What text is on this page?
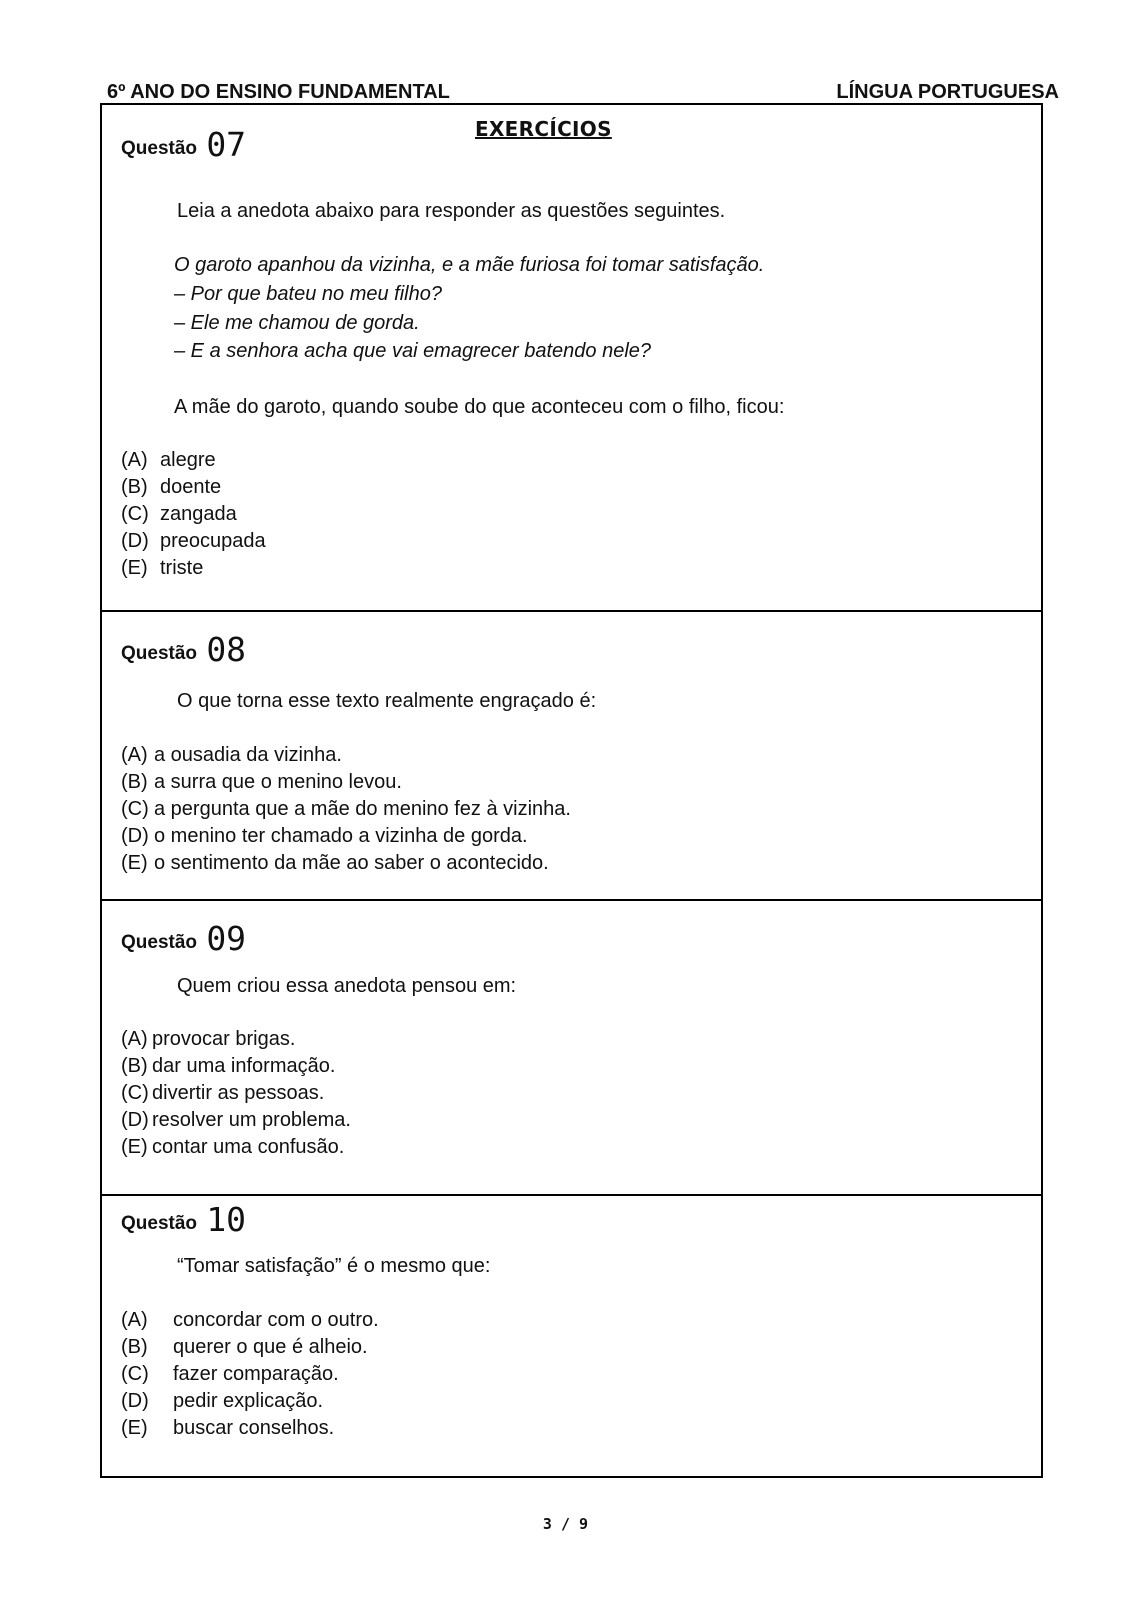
6º ANO DO ENSINO FUNDAMENTAL	LÍNGUA PORTUGUESA
Questão 07	EXERCÍCIOS
Leia a anedota abaixo para responder as questões seguintes.
O garoto apanhou da vizinha, e a mãe furiosa foi tomar satisfação.
– Por que bateu no meu filho?
– Ele me chamou de gorda.
– E a senhora acha que vai emagrecer batendo nele?
A mãe do garoto, quando soube do que aconteceu com o filho, ficou:
(A) alegre
(B) doente
(C) zangada
(D) preocupada
(E) triste
Questão 08
O que torna esse texto realmente engraçado é:
(A) a ousadia da vizinha.
(B) a surra que o menino levou.
(C) a pergunta que a mãe do menino fez à vizinha.
(D) o menino ter chamado a vizinha de gorda.
(E) o sentimento da mãe ao saber o acontecido.
Questão 09
Quem criou essa anedota pensou em:
(A) provocar brigas.
(B) dar uma informação.
(C) divertir as pessoas.
(D) resolver um problema.
(E) contar uma confusão.
Questão 10
“Tomar satisfação” é o mesmo que:
(A) concordar com o outro.
(B) querer o que é alheio.
(C) fazer comparação.
(D) pedir explicação.
(E) buscar conselhos.
3 / 9
